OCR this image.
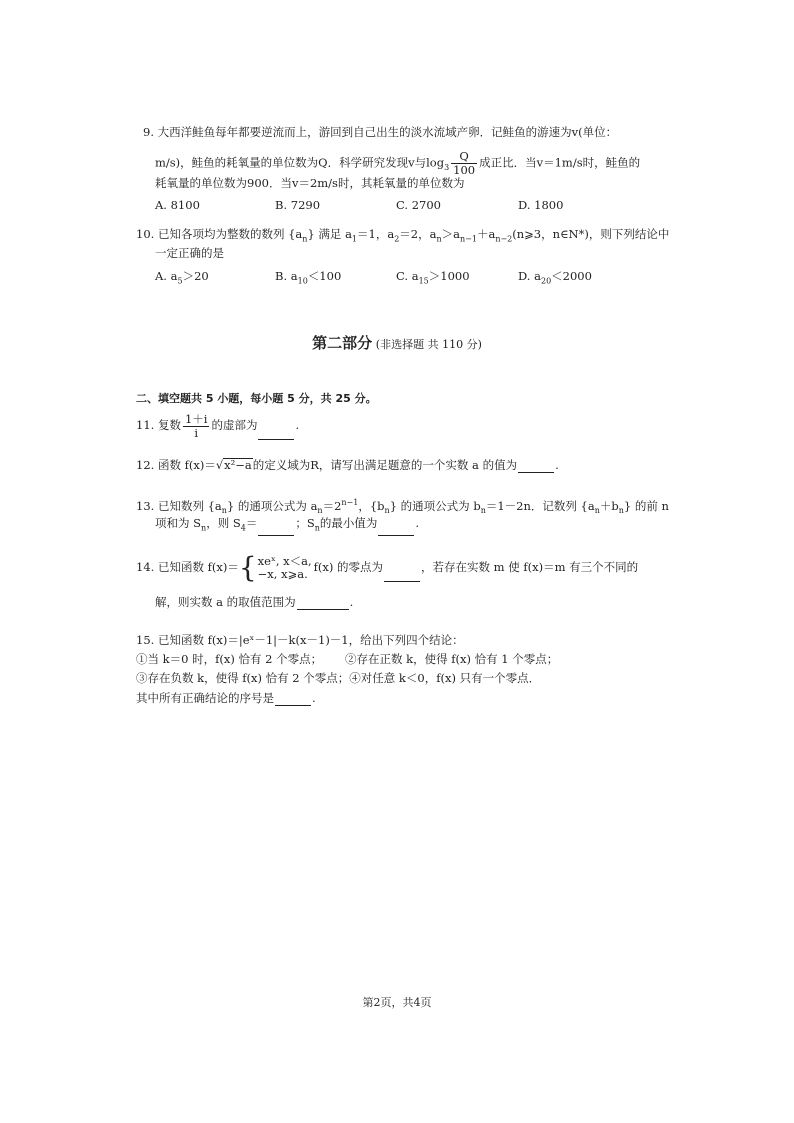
9. 大西洋鲑鱼每年都要逆流而上，游回到自己出生的淡水流域产卵．记鲑鱼的游速为v(单位：
m/s)，鲑鱼的耗氧量的单位数为Q．科学研究发现v与$\log_3 \frac{Q}{100}$ 成正比．当v＝1m/s时，鲑鱼的
耗氧量的单位数为900．当v＝2m/s时，其耗氧量的单位数为
A. 8100	B. 7290	C. 2700	D. 1800
10. 已知各项均为整数的数列 $\{a_n\}$ 满足 $a_1=1$，$a_2=2$，$a_n>a_{n-1}+a_{n-2}(n⩾3$，n∈N*)，则下列结论中
一定正确的是
A. $a_5>20$	B. $a_{10}<100$	C. $a_{15}>1000$	D. $a_{20}<2000$
第二部分 (非选择题 共 110 分)
二、填空题共 5 小题，每小题 5 分，共 25 分。
11. 复数 $\frac{1+i}{i}$ 的虚部为	.
12. 函数 f(x)＝√x²−a的定义域为R，请写出满足题意的一个实数 a 的值为	.
13. 已知数列 $\{a_n\}$ 的通项公式为 $a_n=2^{n-1}$，$\{b_n\}$ 的通项公式为 $b_n=1-2n$．记数列 $\{a_n+b_n\}$ 的前 n
项和为 $S_n$，则 $S_4=$	；$S_n$的最小值为	.
14. 已知函数 f(x)＝{ xeˣ, x＜a,
−x, x⩾a. f(x) 的零点为	，若存在实数 m 使 f(x)＝m 有三个不同的
解，则实数 a 的取值范围为	.
15. 已知函数 f(x)＝|eˣ－1|－k(x－1)－1，给出下列四个结论：
①当 k＝0 时，f(x) 恰有 2 个零点； ②存在正数 k，使得 f(x) 恰有 1 个零点；
③存在负数 k，使得 f(x) 恰有 2 个零点；④对任意 k＜0，f(x) 只有一个零点．
其中所有正确结论的序号是	.
第2页，共4页
